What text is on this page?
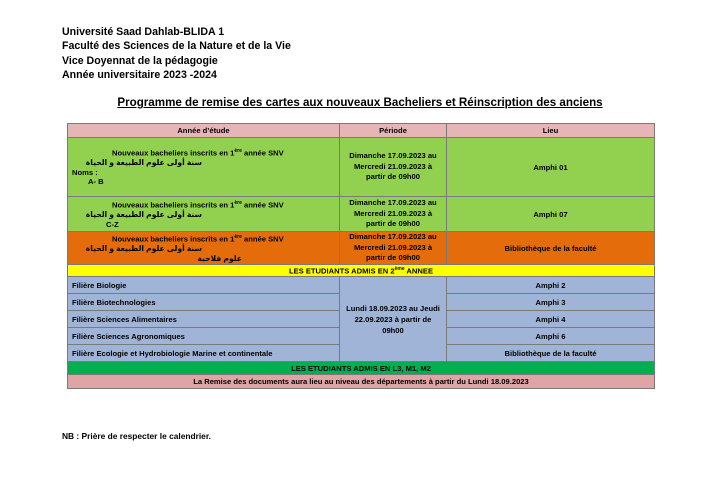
Université Saad Dahlab-BLIDA 1
Faculté des Sciences de la Nature et de la Vie
Vice Doyennat de la pédagogie
Année universitaire 2023 -2024
Programme de remise des cartes aux nouveaux Bacheliers et Réinscription des anciens
Année d’étude	Période	Lieu

Nouveaux bacheliers inscrits en 1ère année SNV
سنة أولى علوم الطبيعة و الحياة
Noms :
A- B	Dimanche 17.09.2023 au Mercredi 21.09.2023 à partir de 09h00	Amphi 01

Nouveaux bacheliers inscrits en 1ère année SNV
سنة أولى علوم الطبيعة و الحياة
C-Z	Dimanche 17.09.2023 au Mercredi 21.09.2023 à partir de 09h00	Amphi 07

Nouveaux bacheliers inscrits en 1ère année SNV
سنة أولى علوم الطبيعة و الحياة
علوم فلاحية	Dimanche 17.09.2023 au Mercredi 21.09.2023 à partir de 09h00	Bibliothèque de la faculté
LES ETUDIANTS ADMIS EN 2ème ANNEE		
Filière Biologie	Lundi 18.09.2023 au Jeudi 22.09.2023 à partir de 09h00	Amphi 2
Filière Biotechnologies		Amphi 3
Filière Sciences Alimentaires		Amphi 4
Filière Sciences Agronomiques		Amphi 6
Filière Ecologie et Hydrobiologie Marine et continentale		Bibliothèque de la faculté
LES ETUDIANTS ADMIS EN L3, M1, M2		
La Remise des documents aura lieu au niveau des départements à partir du Lundi 18.09.2023		
NB : Prière de respecter le calendrier.
